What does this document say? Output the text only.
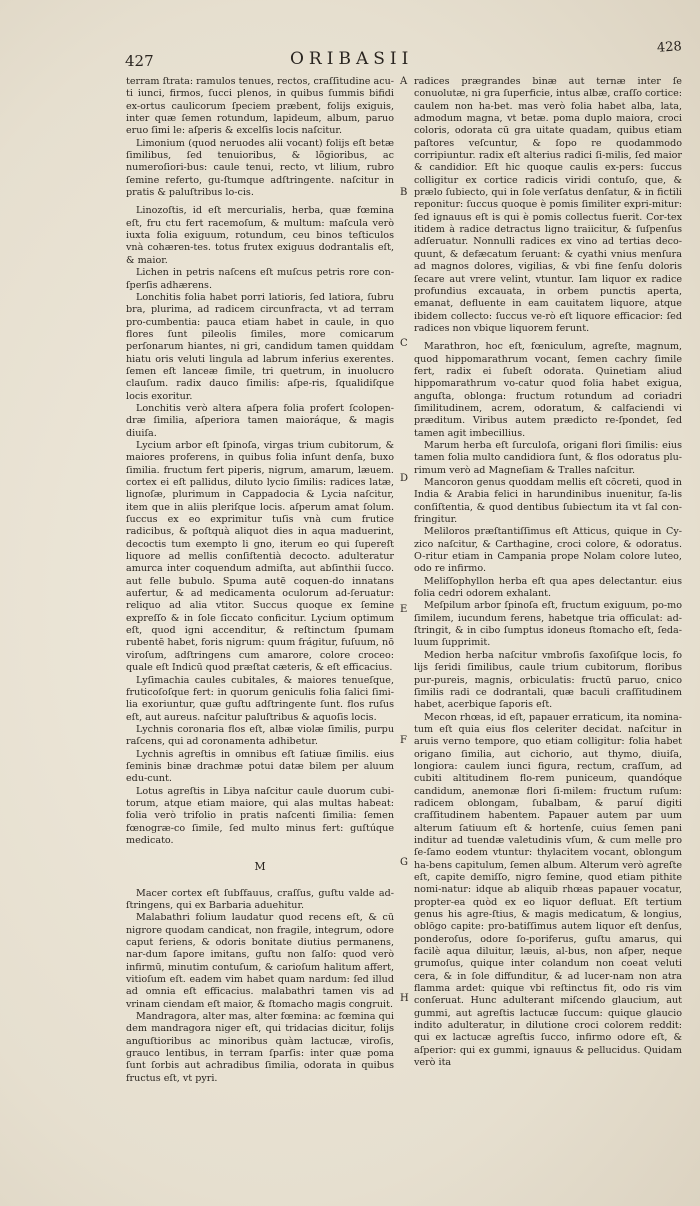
427	ORIBASII
428
A
B
C
D
E
F
G
H

terram ſtrata: ramulos tenues, rectos, craſſitudine acu-ti iunci, firmos, ſucci plenos, in quibus ſummis bifidi ex-ortus caulicorum ſpeciem præbent, folijs exiguis, inter quæ ſemen rotundum, lapideum, album, paruo eruo ſimi le: aſperis & excelſis locis naſcitur.

Limonium (quod neruodes alii vocant) folijs eſt betæ ſimilibus, ſed tenuioribus, & lõgioribus, ac numeroſiori-bus: caule tenui, recto, vt lilium, rubro ſemine referto, gu-ſtumque adſtringente. naſcitur in pratis & paluſtribus lo-cis.

Linozoſtis, id eſt mercurialis, herba, quæ fœmina eſt, fru ctu fert racemoſum, & multum: maſcula verò iuxta folia exiguum, rotundum, ceu binos teſticulos vnà cohæren-tes. totus frutex exiguus dodrantalis eſt, & maior.

Lichen in petris naſcens eſt muſcus petris rore con-ſperſis adhærens.

Lonchitis folia habet porri latioris, ſed latiora, ſubru bra, plurima, ad radicem circunfracta, vt ad terram pro-cumbentia: pauca etiam habet in caule, in quo flores ſunt pileolis ſimiles, more comicarum perſonarum hiantes, ni gri, candidum tamen quiddam hiatu oris veluti lingula ad labrum inferius exerentes. ſemen eſt lanceæ ſimile, tri quetrum, in inuolucro clauſum. radix dauco ſimilis: aſpe-ris, ſqualidiſque locis exoritur.

Lonchitis verò altera aſpera folia profert ſcolopen-dræ ſimilia, aſperiora tamen maioráque, & magis diuiſa.

Lycium arbor eſt ſpinoſa, virgas trium cubitorum, & maiores proferens, in quibus folia inſunt denſa, buxo ſimilia. fructum fert piperis, nigrum, amarum, læuem. cortex ei eſt pallidus, diluto lycio ſimilis: radices latæ, lignoſæ, plurimum in Cappadocia & Lycia naſcitur, item que in aliis pleriſque locis. aſperum amat ſolum. ſuccus ex eo exprimitur tuſis vnà cum frutice radicibus, & poſtquà aliquot dies in aqua maduerint, decoctis tum exempto li gno, iterum eo qui ſupereſt liquore ad mellis conſiſtentià decocto. adulteratur amurca inter coquendum admiſta, aut abſinthii ſucco. aut felle bubulo. Spuma autē coquen-do innatans aufertur, & ad medicamenta oculorum ad-ſeruatur: reliquo ad alia vtitor. Succus quoque ex ſemine expreſſo & in ſole ſiccato conficitur. Lycium optimum eſt, quod igni accenditur, & reſtinctum ſpumam rubentē habet, foris nigrum: quum frágitur, fuſuum, nō viroſum, adſtringens cum amarore, colore croceo: quale eſt Indicū quod præſtat cæteris, & eſt efficacius.

Lyſimachia caules cubitales, & maiores tenueſque, fruticoſoſque fert: in quorum geniculis folia ſalici ſimi-lia exoriuntur, quæ guſtu adſtringente ſunt. flos ruſus eſt, aut aureus. naſcitur paluſtribus & aquoſis locis.

Lychnis coronaria flos eſt, albæ violæ ſimilis, purpu raſcens, qui ad coronamenta adhibetur.

Lychnis agreſtis in omnibus eſt ſatiuæ ſimilis. eius ſeminis binæ drachmæ potui datæ bilem per aluum edu-cunt.

Lotus agreſtis in Libya naſcitur caule duorum cubi-torum, atque etiam maiore, qui alas multas habeat: folia verò trifolio in pratis naſcenti ſimilia: ſemen fœnogræ-co ſimile, ſed multo minus fert: guſtúque medicato.

M

Macer cortex eſt ſubſfauus, craſſus, guſtu valde ad-ſtringens, qui ex Barbaria aduehitur.

Malabathri folium laudatur quod recens eſt, & cū nigrore quodam candicat, non fragile, integrum, odore caput feriens, & odoris bonitate diutius permanens, nar-dum ſapore imitans, guſtu non ſalſo: quod verò infirmū, minutim contuſum, & carioſum halitum affert, vitioſum eſt. eadem vim habet quam nardum: ſed illud ad omnia eſt efficacius. malabathri tamen vis ad vrinam ciendam eſt maior, & ſtomacho magis congruit.

Mandragora, alter mas, alter fœmina: ac fœmina qui dem mandragora niger eſt, qui tridacias dicitur, folijs anguſtioribus ac minoribus quàm lactucæ, viroſis, grauco lentibus, in terram ſparſis: inter quæ poma ſunt ſorbis aut achradibus ſimilia, odorata in quibus fructus eſt, vt pyri.

radices prægrandes binæ aut ternæ inter ſe conuolutæ, ni gra ſuperficie, intus albæ, craſſo cortice: caulem non ha-bet. mas verò folia habet alba, lata, admodum magna, vt betæ. poma duplo maiora, croci coloris, odorata cū gra uitate quadam, quibus etiam paſtores veſcuntur, & ſopo re quodammodo corripiuntur. radix eſt alterius radici ſi-milis, ſed maior & candidior. Eſt hic quoque caulis ex-pers: ſuccus colligitur ex cortice radicis viridi contuſo, que, & prælo ſubiecto, qui in ſole verſatus denſatur, & in fictili reponitur: ſuccus quoque è pomis ſimiliter expri-mitur: ſed ignauus eſt is qui è pomis collectus fuerit. Cor-tex itidem à radice detractus ligno traiicitur, & ſuſpenſus adſeruatur. Nonnulli radices ex vino ad tertias deco-quunt, & defæcatum ſeruant: & cyathi vnius menſura ad magnos dolores, vigilias, & vbi fine ſenſu doloris ſecare aut vrere velint, vtuntur. Iam liquor ex radice profundius excauata, in orbem punctis aperta, emanat, defluente in eam cauitatem liquore, atque ibidem collecto: ſuccus ve-rò eſt liquore efficacior: ſed radices non vbique liquorem ferunt.

Marathron, hoc eſt, fœniculum, agreſte, magnum, quod hippomarathrum vocant, ſemen cachry ſimile fert, radix ei ſubeſt odorata. Quinetiam aliud hippomarathrum vo-catur quod folia habet exigua, anguſta, oblonga: fructum rotundum ad coriadri ſimilitudinem, acrem, odoratum, & calfaciendi vi præditum. Viribus autem prædicto re-ſpondet, ſed tamen agit imbecillius.

Marum herba eſt ſurculoſa, origani flori ſimilis: eius tamen folia multo candidiora ſunt, & flos odoratus plu-rimum verò ad Magneſiam & Tralles naſcitur.

Mancoron genus quoddam mellis eſt cōcreti, quod in India & Arabia felici in harundinibus inuenitur, ſa-lis conſiſtentia, & quod dentibus ſubiectum ita vt ſal con-fringitur.

Meliloros præſtantiſſimus eſt Atticus, quique in Cy-zico naſcitur, & Carthagine, croci colore, & odoratus. O-ritur etiam in Campania prope Nolam colore luteo, odo re infirmo.

Meliſſophyllon herba eſt qua apes delectantur. eius folia cedri odorem exhalant.

Meſpilum arbor ſpinoſa eſt, fructum exiguum, po-mo ſimilem, iucundum ferens, habetque tria officulat: ad-ſtringit, & in cibo ſumptus idoneus ſtomacho eſt, ſeda-luum ſupprimit.

Medion herba naſcitur vmbroſis ſaxoſiſque locis, fo lijs ſeridi ſimilibus, caule trium cubitorum, floribus pur-pureis, magnis, orbiculatis: fructū paruo, cnico ſimilis radi ce dodrantali, quæ baculi craſſitudinem habet, acerbique ſaporis eſt.

Mecon rhœas, id eſt, papauer erraticum, ita nomina-tum eſt quia eius flos celeriter decidat. naſcitur in aruis verno tempore, quo etiam colligitur: folia habet origano ſimilia, aut cichorio, aut thymo, diuiſa, longiora: caulem iunci figura, rectum, craſſum, ad cubiti altitudinem flo-rem puniceum, quandóque candidum, anemonæ flori ſi-milem: fructum ruſum: radicem oblongam, ſubalbam, & paruí digiti craſſitudinem habentem. Papauer autem par uum alterum ſatiuum eſt & hortenſe, cuius ſemen pani inditur ad tuendæ valetudinis vſum, & cum melle pro ſe-ſamo eodem vtuntur: thylacitem vocant, oblongum ha-bens capitulum, ſemen album. Alterum verò agreſte eſt, capite demiſſo, nigro ſemine, quod etiam pithite nomi-natur: idque ab aliquib rhœas papauer vocatur, propter-ea quòd ex eo liquor defluat. Eſt tertium genus his agre-ſtius, & magis medicatum, & longius, oblōgo capite: pro-batiſſimus autem liquor eſt denſus, ponderoſus, odore ſo-poriferus, guſtu amarus, qui facilè aqua diluitur, læuis, al-bus, non aſper, neque grumoſus, quique inter colandum non coeat veluti cera, & in ſole diffunditur, & ad lucer-nam non atra flamma ardet: quique vbi reſtinctus fit, odo ris vim conſeruat. Hunc adulterant miſcendo glaucium, aut gummi, aut agreſtis lactucæ ſuccum: quique glaucio indito adulteratur, in dilutione croci colorem reddit: qui ex lactucæ agreſtis ſucco, infirmo odore eſt, & aſperior: qui ex gummi, ignauus & pellucidus. Quidam verò ita
